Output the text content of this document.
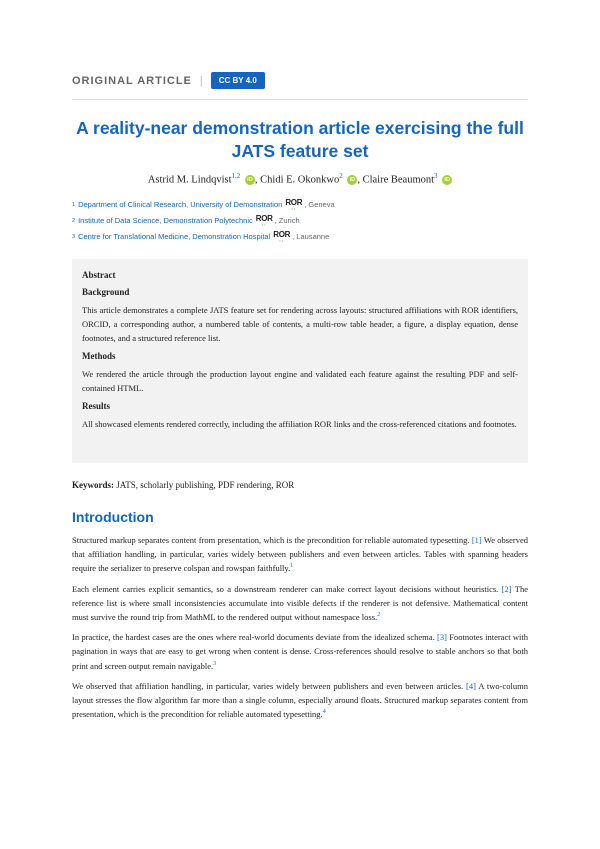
ORIGINAL ARTICLE |	CC BY 4.0
A reality-near demonstration article exercising the full JATS feature set
Astrid M. Lindqvist$^{1,2}$ iD , Chidi E. Okonkwo$^2$ iD , Claire Beaumont$^3$ iD
1 Department of Clinical Research, University of Demonstration ROR
•• , Geneva
2 Institute of Data Science, Demonstration Polytechnic ROR
•• , Zurich
3 Centre for Translational Medicine, Demonstration Hospital ROR
•• , Lausanne
Abstract
Background

This article demonstrates a complete JATS feature set for rendering across layouts: structured affiliations with ROR identifiers, ORCID, a corresponding author, a numbered table of contents, a multi-row table header, a figure, a display equation, dense footnotes, and a structured reference list.

Methods

We rendered the article through the production layout engine and validated each feature against the resulting PDF and self-contained HTML.

Results

All showcased elements rendered correctly, including the affiliation ROR links and the cross-referenced citations and footnotes.

Keywords: JATS, scholarly publishing, PDF rendering, ROR
Introduction

Structured markup separates content from presentation, which is the precondition for reliable automated typesetting. [1] We observed that affiliation handling, in particular, varies widely between publishers and even between articles. Tables with spanning headers require the serializer to preserve colspan and rowspan faithfully.$^1$

Each element carries explicit semantics, so a downstream renderer can make correct layout decisions without heuristics. [2] The reference list is where small inconsistencies accumulate into visible defects if the renderer is not defensive. Mathematical content must survive the round trip from MathML to the rendered output without namespace loss.$^2$

In practice, the hardest cases are the ones where real-world documents deviate from the idealized schema. [3] Footnotes interact with pagination in ways that are easy to get wrong when content is dense. Cross-references should resolve to stable anchors so that both print and screen output remain navigable.$^3$

We observed that affiliation handling, in particular, varies widely between publishers and even between articles. [4] A two-column layout stresses the flow algorithm far more than a single column, especially around floats. Structured markup separates content from presentation, which is the precondition for reliable automated typesetting.$^4$
